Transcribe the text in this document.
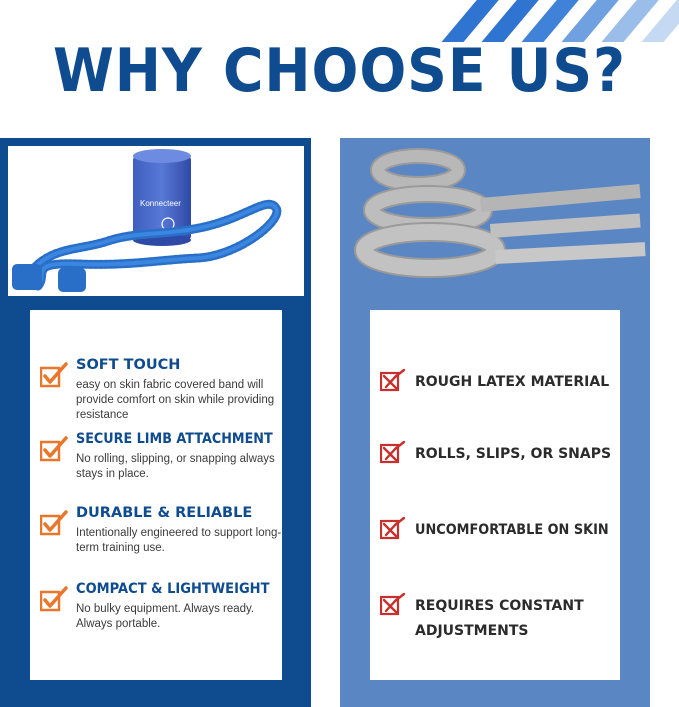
WHY CHOOSE US?
Konnecteer
SOFT TOUCH
easy on skin fabric covered band will provide comfort on skin while providing resistance
SECURE LIMB ATTACHMENT
No rolling, slipping, or snapping always stays in place.
DURABLE & RELIABLE
Intentionally engineered to support long-term training use.
COMPACT & LIGHTWEIGHT
No bulky equipment. Always ready. Always portable.
ROUGH LATEX MATERIAL
ROLLS, SLIPS, OR SNAPS
UNCOMFORTABLE ON SKIN
REQUIRES CONSTANT ADJUSTMENTS
